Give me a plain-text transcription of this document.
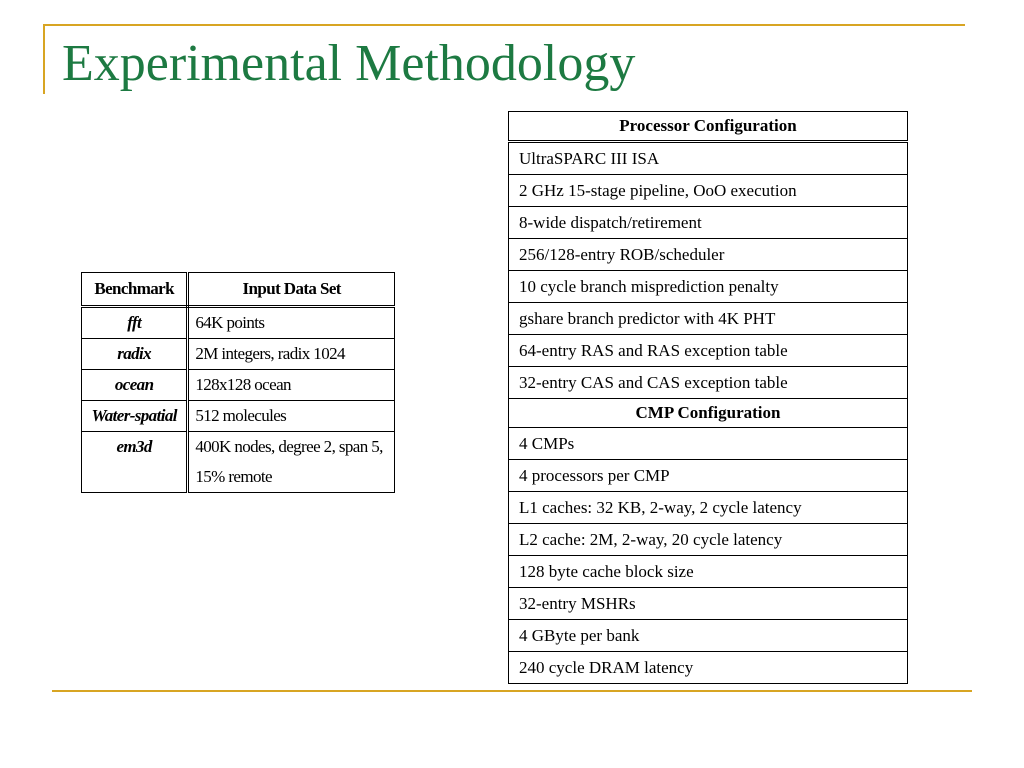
Experimental Methodology
Benchmark	Input Data Set
fft	64K points
radix	2M integers, radix 1024
ocean	128x128 ocean
Water-spatial	512 molecules
em3d	400K nodes, degree 2, span 5,
15% remote
Processor Configuration
UltraSPARC III ISA
2 GHz 15-stage pipeline, OoO execution
8-wide dispatch/retirement
256/128-entry ROB/scheduler
10 cycle branch misprediction penalty
gshare branch predictor with 4K PHT
64-entry RAS and RAS exception table
32-entry CAS and CAS exception table
CMP Configuration
4 CMPs
4 processors per CMP
L1 caches: 32 KB, 2-way, 2 cycle latency
L2 cache: 2M, 2-way, 20 cycle latency
128 byte cache block size
32-entry MSHRs
4 GByte per bank
240 cycle DRAM latency
